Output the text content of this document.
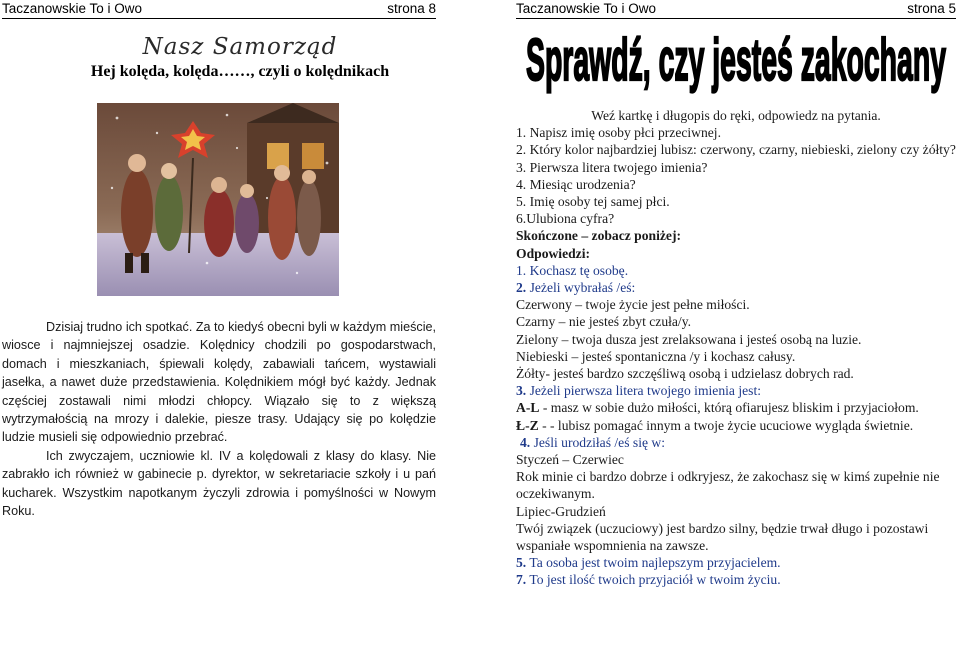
Taczanowskie To i Owo	strona 8
Nasz Samorząd
Hej kolęda, kolęda……, czyli o kolędnikach

Dzisiaj trudno ich spotkać. Za to kiedyś obecni byli w każdym mieście, wiosce i najmniejszej osadzie. Kolędnicy chodzili po gospodarstwach, domach i mieszkaniach, śpiewali kolędy, zabawiali tańcem, wystawiali jasełka, a nawet duże przedstawienia. Kolędnikiem mógł być każdy. Jednak częściej zostawali nimi młodzi chłopcy. Wiązało się to z większą wytrzymałością na mrozy i dalekie, piesze trasy. Udający się po kolędzie ludzie musieli się odpowiednio przebrać.

Ich zwyczajem, uczniowie kl. IV a kolędowali z klasy do klasy. Nie zabrakło ich również w gabinecie p. dyrektor, w sekretariacie szkoły i u pań kucharek. Wszystkim napotkanym życzyli zdrowia i pomyślności w Nowym Roku.

Taczanowskie To i Owo	strona 5
Sprawdź, czy jesteś zakochany
Weź kartkę i długopis do ręki, odpowiedz na pytania.
1. Napisz imię osoby płci przeciwnej.
2. Który kolor najbardziej lubisz: czerwony, czarny, niebieski, zielony czy żółty?
3. Pierwsza litera twojego imienia?
4. Miesiąc urodzenia?
5. Imię osoby tej samej płci.
6.Ulubiona cyfra?
Skończone – zobacz poniżej:
Odpowiedzi:
1. Kochasz tę osobę.
2. Jeżeli wybrałaś /eś:
Czerwony – twoje życie jest pełne miłości.
Czarny – nie jesteś zbyt czuła/y.
Zielony – twoja dusza jest zrelaksowana i jesteś osobą na luzie.
Niebieski – jesteś spontaniczna /y i kochasz całusy.
Żółty- jesteś bardzo szczęśliwą osobą i udzielasz dobrych rad.
3. Jeżeli pierwsza litera twojego imienia jest:
A-L - masz w sobie dużo miłości, którą ofiarujesz bliskim i przyjaciołom.
Ł-Z - - lubisz pomagać innym a twoje życie ucuciowe wygląda świetnie.
4. Jeśli urodziłaś /eś się w:
Styczeń – Czerwiec
Rok minie ci bardzo dobrze i odkryjesz, że zakochasz się w kimś zupełnie nie oczekiwanym.
Lipiec-Grudzień
Twój związek (uczuciowy) jest bardzo silny, będzie trwał długo i pozostawi wspaniałe wspomnienia na zawsze.
5. Ta osoba jest twoim najlepszym przyjacielem.
7. To jest ilość twoich przyjaciół w twoim życiu.
